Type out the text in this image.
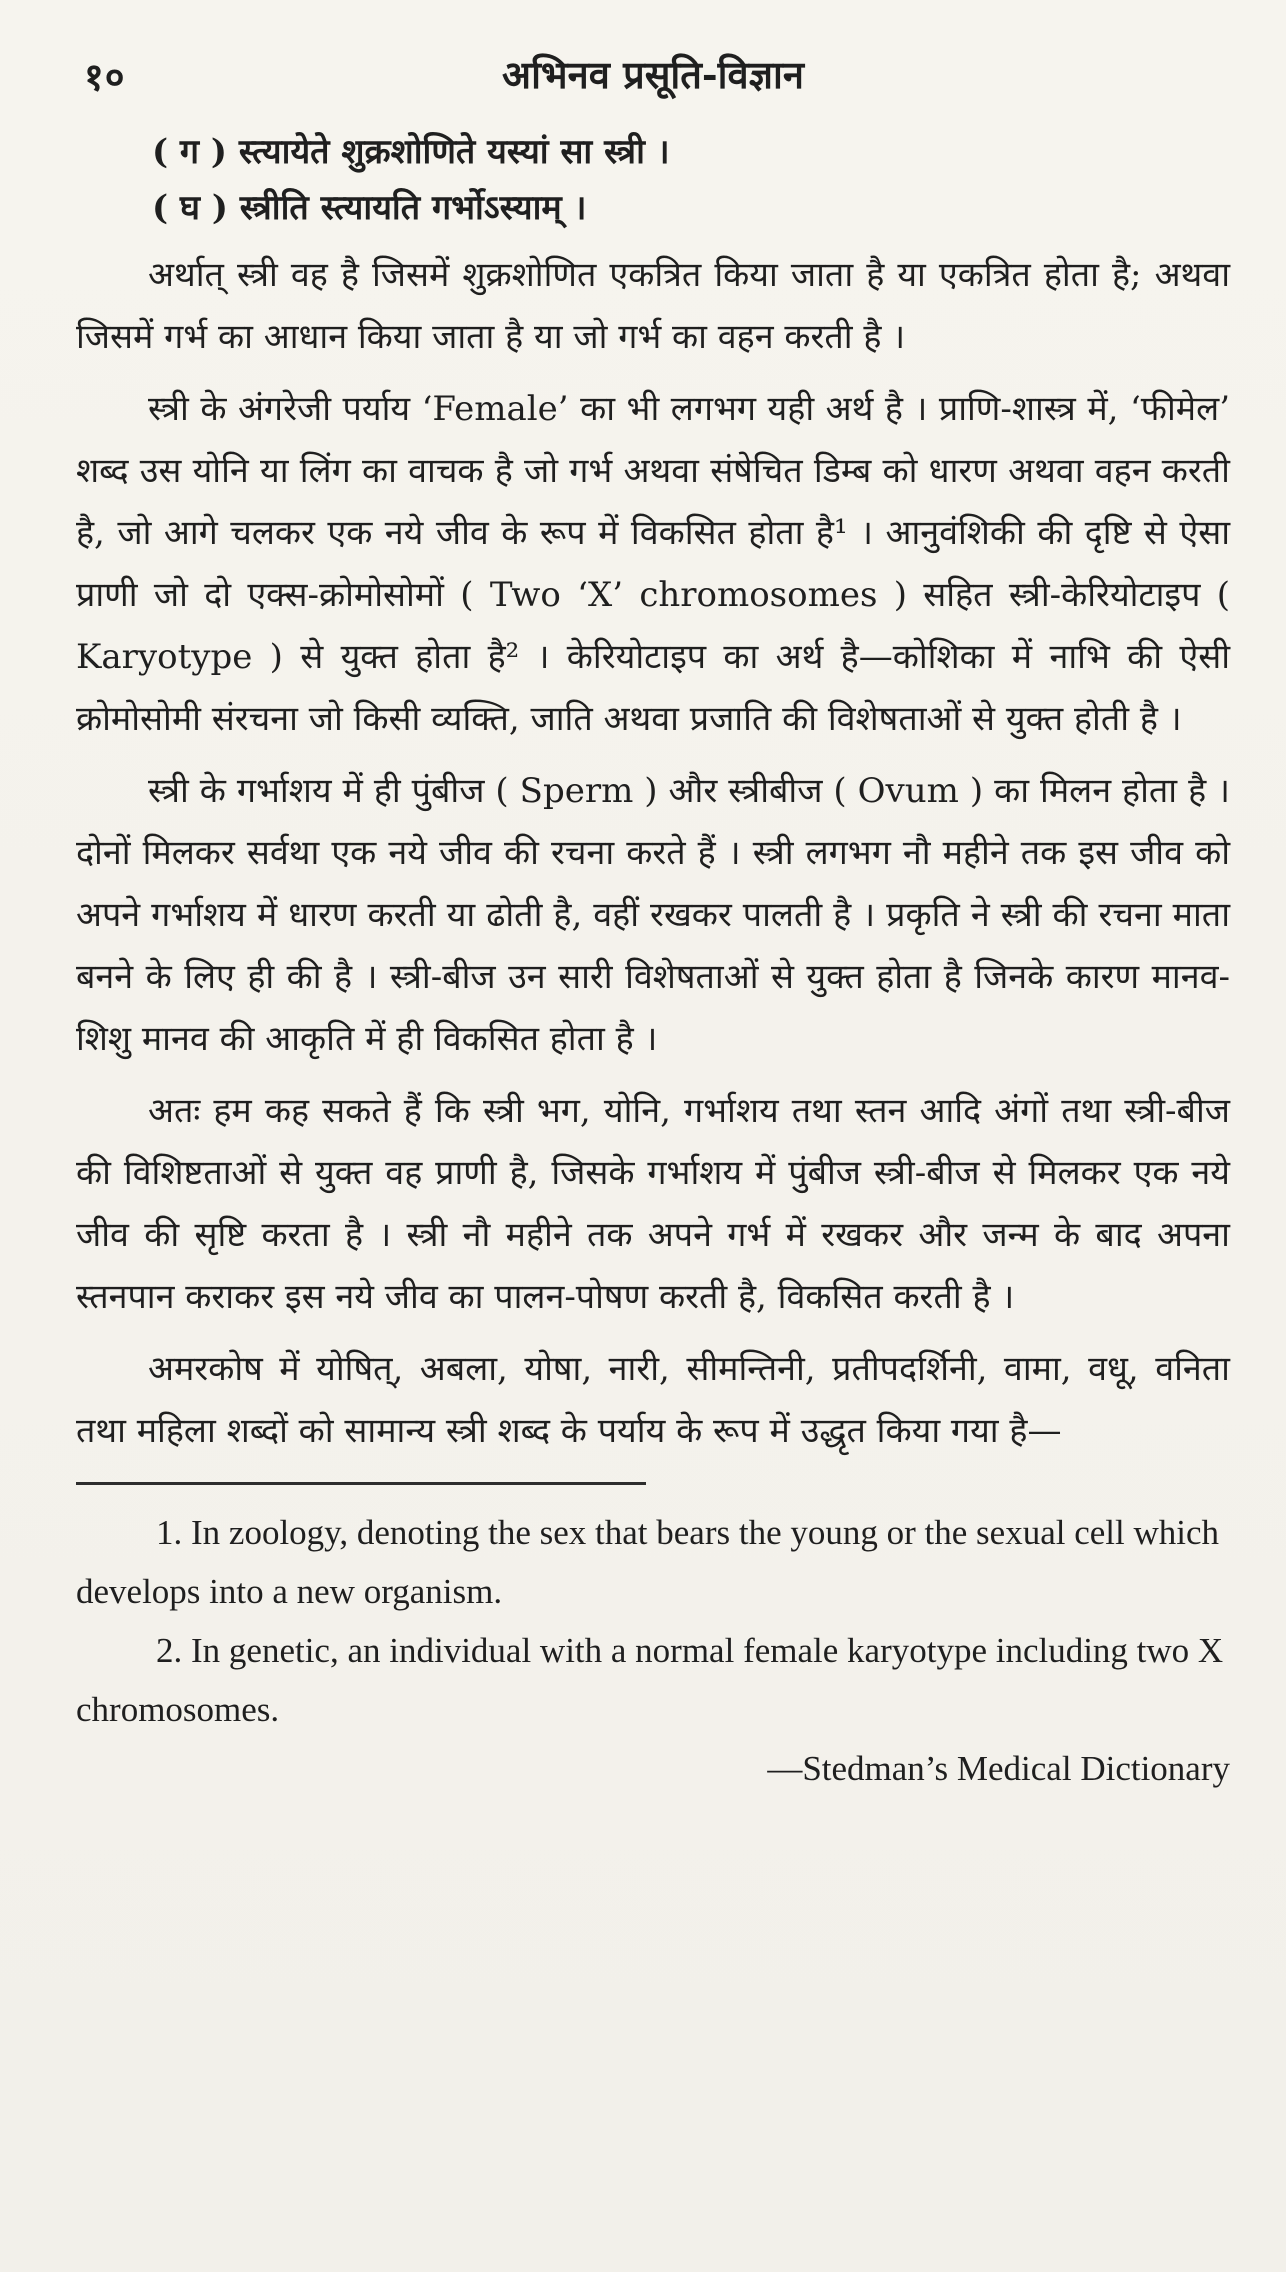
१०	अभिनव प्रसूति-विज्ञान
( ग ) स्त्यायेते शुक्रशोणिते यस्यां सा स्त्री ।
( घ ) स्त्रीति स्त्यायति गर्भोऽस्याम् ।

अर्थात् स्त्री वह है जिसमें शुक्रशोणित एकत्रित किया जाता है या एकत्रित होता है; अथवा जिसमें गर्भ का आधान किया जाता है या जो गर्भ का वहन करती है ।

स्त्री के अंगरेजी पर्याय ‘Female’ का भी लगभग यही अर्थ है । प्राणि-शास्त्र में, ‘फीमेल’ शब्द उस योनि या लिंग का वाचक है जो गर्भ अथवा संषेचित डिम्ब को धारण अथवा वहन करती है, जो आगे चलकर एक नये जीव के रूप में विकसित होता है¹ । आनुवंशिकी की दृष्टि से ऐसा प्राणी जो दो एक्स-क्रोमोसोमों ( Two ‘X’ chromosomes ) सहित स्त्री-केरियोटाइप ( Karyotype ) से युक्त होता है² । केरियोटाइप का अर्थ है—कोशिका में नाभि की ऐसी क्रोमोसोमी संरचना जो किसी व्यक्ति, जाति अथवा प्रजाति की विशेषताओं से युक्त होती है ।

स्त्री के गर्भाशय में ही पुंबीज ( Sperm ) और स्त्रीबीज ( Ovum ) का मिलन होता है । दोनों मिलकर सर्वथा एक नये जीव की रचना करते हैं । स्त्री लगभग नौ महीने तक इस जीव को अपने गर्भाशय में धारण करती या ढोती है, वहीं रखकर पालती है । प्रकृति ने स्त्री की रचना माता बनने के लिए ही की है । स्त्री-बीज उन सारी विशेषताओं से युक्त होता है जिनके कारण मानव-शिशु मानव की आकृति में ही विकसित होता है ।

अतः हम कह सकते हैं कि स्त्री भग, योनि, गर्भाशय तथा स्तन आदि अंगों तथा स्त्री-बीज की विशिष्टताओं से युक्त वह प्राणी है, जिसके गर्भाशय में पुंबीज स्त्री-बीज से मिलकर एक नये जीव की सृष्टि करता है । स्त्री नौ महीने तक अपने गर्भ में रखकर और जन्म के बाद अपना स्तनपान कराकर इस नये जीव का पालन-पोषण करती है, विकसित करती है ।

अमरकोष में योषित्, अबला, योषा, नारी, सीमन्तिनी, प्रतीपदर्शिनी, वामा, वधू, वनिता तथा महिला शब्दों को सामान्य स्त्री शब्द के पर्याय के रूप में उद्धृत किया गया है—

1. In zoology, denoting the sex that bears the young or the sexual cell which develops into a new organism.

2. In genetic, an individual with a normal female karyotype including two X chromosomes.

—Stedman’s Medical Dictionary
